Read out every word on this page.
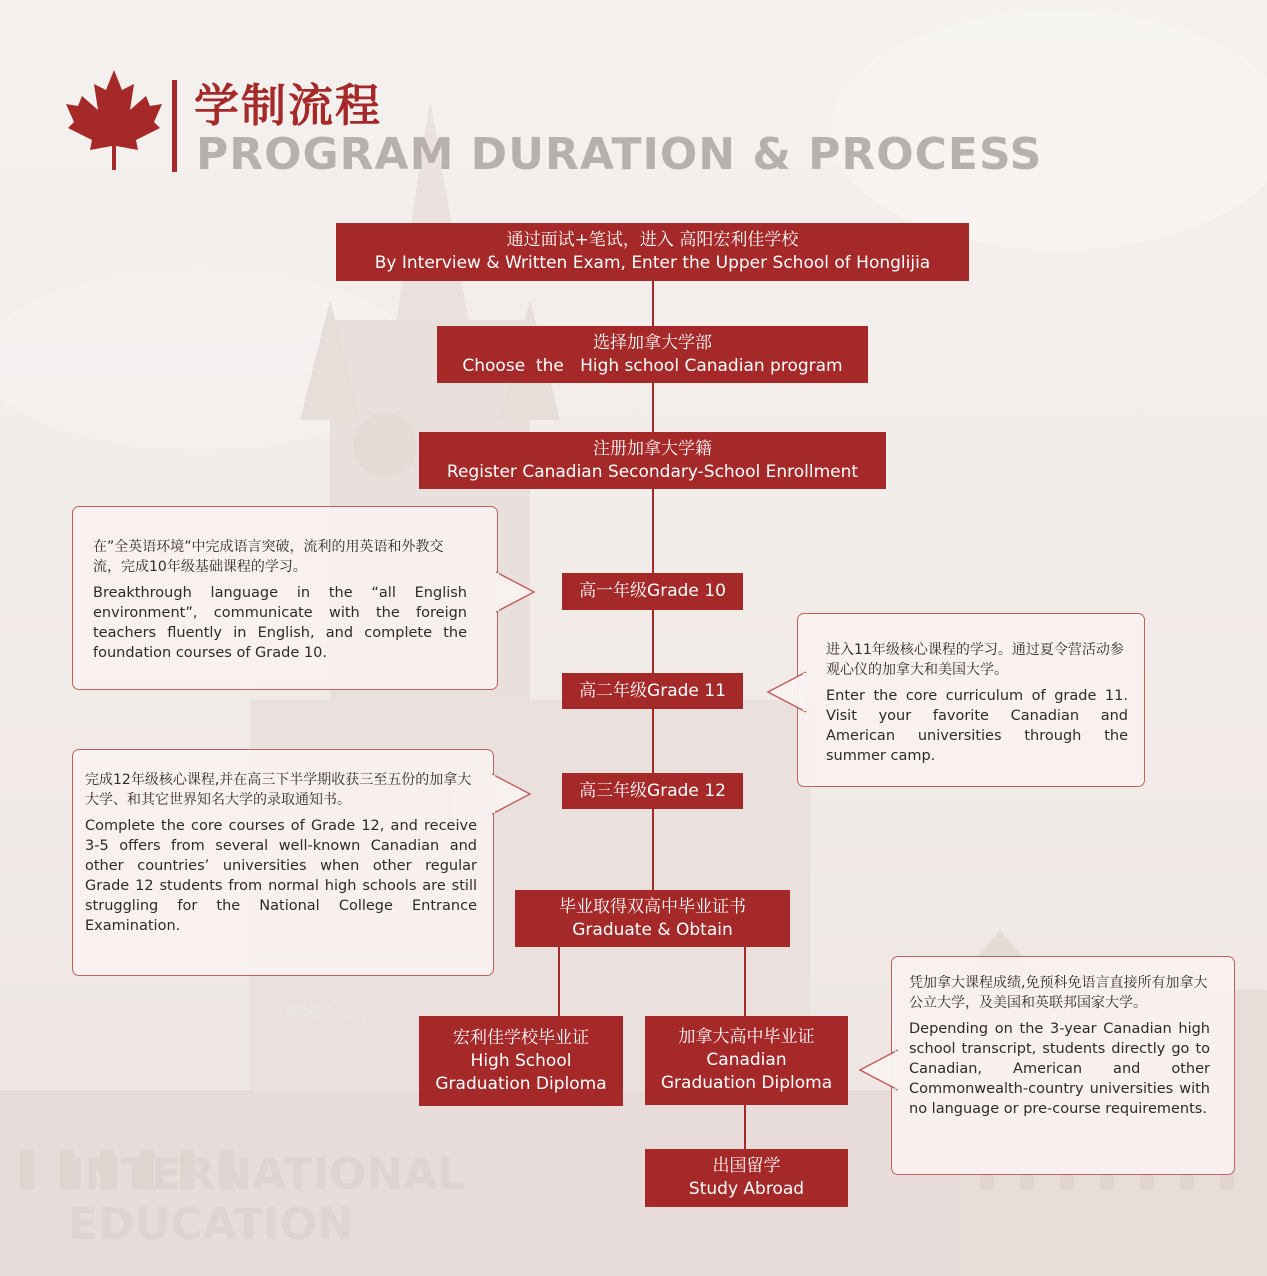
学制流程
PROGRAM DURATION & PROCESS
INTERNATIONAL
EDUCATION
请输入文字
通过面试+笔试，进入 高阳宏利佳学校
By Interview & Written Exam, Enter the Upper School of Honglijia
选择加拿大学部
Choose  the   High school Canadian program
注册加拿大学籍
Register Canadian Secondary-School Enrollment
高一年级Grade 10
高二年级Grade 11
高三年级Grade 12
毕业取得双高中毕业证书
Graduate & Obtain
宏利佳学校毕业证
High School
Graduation Diploma
加拿大高中毕业证
Canadian
Graduation Diploma
出国留学
Study Abroad

在”全英语环境”中完成语言突破，流利的用英语和外教交流，完成10年级基础课程的学习。

Breakthrough language in the “all English environment”, communicate with the foreign teachers fluently in English, and complete the foundation courses of Grade 10.	进入11年级核心课程的学习。通过夏令营活动参观心仪的加拿大和美国大学。

Enter the core curriculum of grade 11. Visit your favorite Canadian and American universities through the summer camp.

完成12年级核心课程,并在高三下半学期收获三至五份的加拿大大学、和其它世界知名大学的录取通知书。

Complete the core courses of Grade 12, and receive 3-5 offers from several well-known Canadian and other countries’ universities when other regular Grade 12 students from normal high schools are still struggling for the National College Entrance Examination.

凭加拿大课程成绩,免预科免语言直接所有加拿大公立大学，及美国和英联邦国家大学。

Depending on the 3-year Canadian high school transcript, students directly go to Canadian, American and other Commonwealth-country universities with no language or pre-course requirements.
